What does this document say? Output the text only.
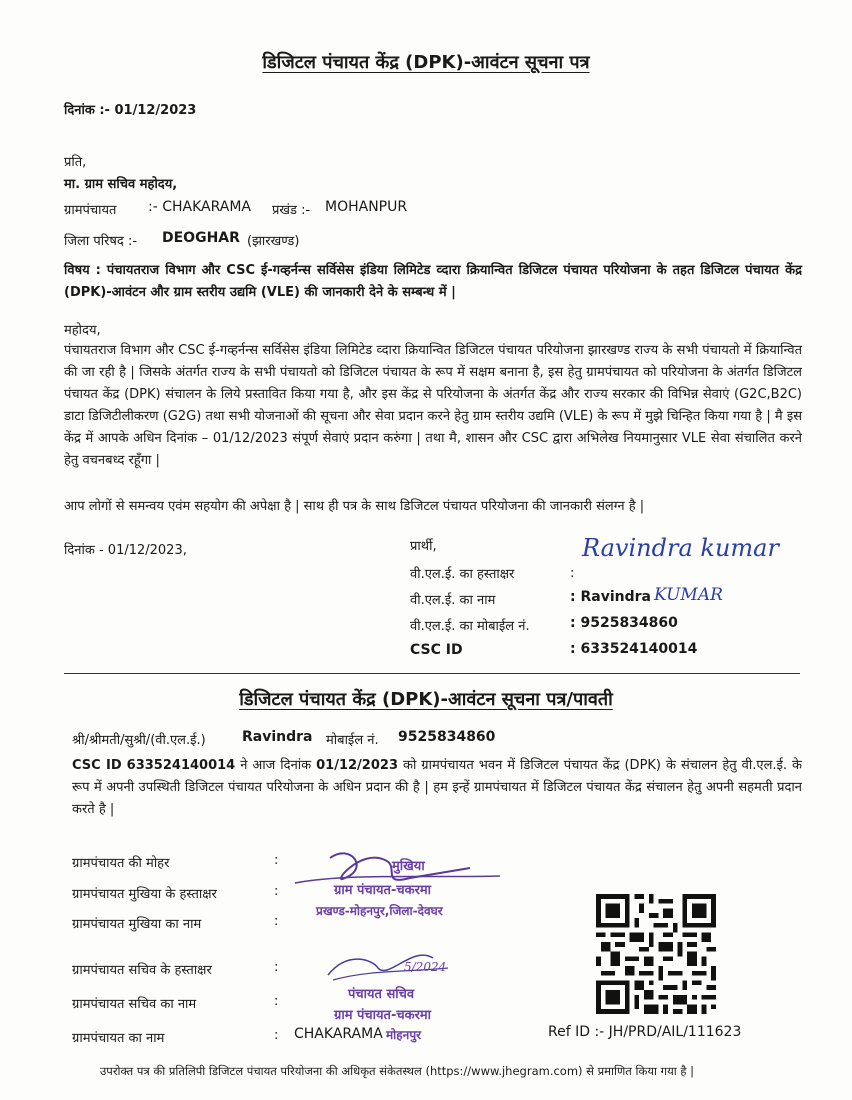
डिजिटल पंचायत केंद्र (DPK)-आवंटन सूचना पत्र
दिनांक :- 01/12/2023
प्रति,
मा. ग्राम सचिव महोदय,
ग्रामपंचायत :- CHAKARAMA प्रखंड :- MOHANPUR
जिला परिषद :- DEOGHAR (झारखण्ड)
विषय : पंचायतराज विभाग और CSC ई-गव्हर्नन्स सर्विसेस इंडिया लिमिटेड व्दारा क्रियान्वित डिजिटल पंचायत परियोजना के तहत डिजिटल पंचायत केंद्र (DPK)-आवंटन और ग्राम स्तरीय उद्यमि (VLE) की जानकारी देने के सम्बन्ध में |
महोदय,
पंचायतराज विभाग और CSC ई-गव्हर्नन्स सर्विसेस इंडिया लिमिटेड व्दारा क्रियान्वित डिजिटल पंचायत परियोजना झारखण्ड राज्य के सभी पंचायतो में क्रियान्वित की जा रही है | जिसके अंतर्गत राज्य के सभी पंचायतो को डिजिटल पंचायत के रूप में सक्षम बनाना है, इस हेतु ग्रामपंचायत को परियोजना के अंतर्गत डिजिटल पंचायत केंद्र (DPK) संचालन के लिये प्रस्तावित किया गया है, और इस केंद्र से परियोजना के अंतर्गत केंद्र और राज्य सरकार की विभिन्न सेवाएं (G2C,B2C) डाटा डिजिटीलीकरण (G2G) तथा सभी योजनाओं की सूचना और सेवा प्रदान करने हेतु ग्राम स्तरीय उद्यमि (VLE) के रूप में मुझे चिन्हित किया गया है | मै इस केंद्र में आपके अधिन दिनांक – 01/12/2023 संपूर्ण सेवाएं प्रदान करुंगा | तथा मै, शासन और CSC द्वारा अभिलेख नियमानुसार VLE सेवा संचालित करने हेतु वचनबध्द रहूँगा |
आप लोगों से समन्वय एवंम सहयोग की अपेक्षा है | साथ ही पत्र के साथ डिजिटल पंचायत परियोजना की जानकारी संलग्न है |
दिनांक - 01/12/2023,	प्रार्थी,
वी.एल.ई. का हस्ताक्षर	:
Ravindra kumar
वी.एल.ई. का नाम	: Ravindra KUMAR
वी.एल.ई. का मोबाईल नं.	: 9525834860
CSC ID	: 633524140014
डिजिटल पंचायत केंद्र (DPK)-आवंटन सूचना पत्र/पावती
श्री/श्रीमती/सुश्री/(वी.एल.ई.)	Ravindra मोबाईल नं. 9525834860
CSC ID 633524140014 ने आज दिनांक 01/12/2023 को ग्रामपंचायत भवन में डिजिटल पंचायत केंद्र (DPK) के संचालन हेतु वी.एल.ई. के रूप में अपनी उपस्थिती डिजिटल पंचायत परियोजना के अधिन प्रदान की है | हम इन्हें ग्रामपंचायत में डिजिटल पंचायत केंद्र संचालन हेतु अपनी सहमती प्रदान करते है |
ग्रामपंचायत की मोहर	:
ग्रामपंचायत मुखिया के हस्ताक्षर	:
ग्रामपंचायत मुखिया का नाम	:
ग्रामपंचायत सचिव के हस्ताक्षर	:
ग्रामपंचायत सचिव का नाम	:
ग्रामपंचायत का नाम	: CHAKARAMA
मुखिया
ग्राम पंचायत-चकरमा
प्रखण्ड-मोहनपुर,जिला-देवघर
5/2024
पंचायत सचिव
ग्राम पंचायत-चकरमा
मोहनपुर	Ref ID :- JH/PRD/AIL/111623
उपरोक्त पत्र की प्रतिलिपी डिजिटल पंचायत परियोजना की अधिकृत संकेतस्थल (https://www.jhegram.com) से प्रमाणित किया गया है |
